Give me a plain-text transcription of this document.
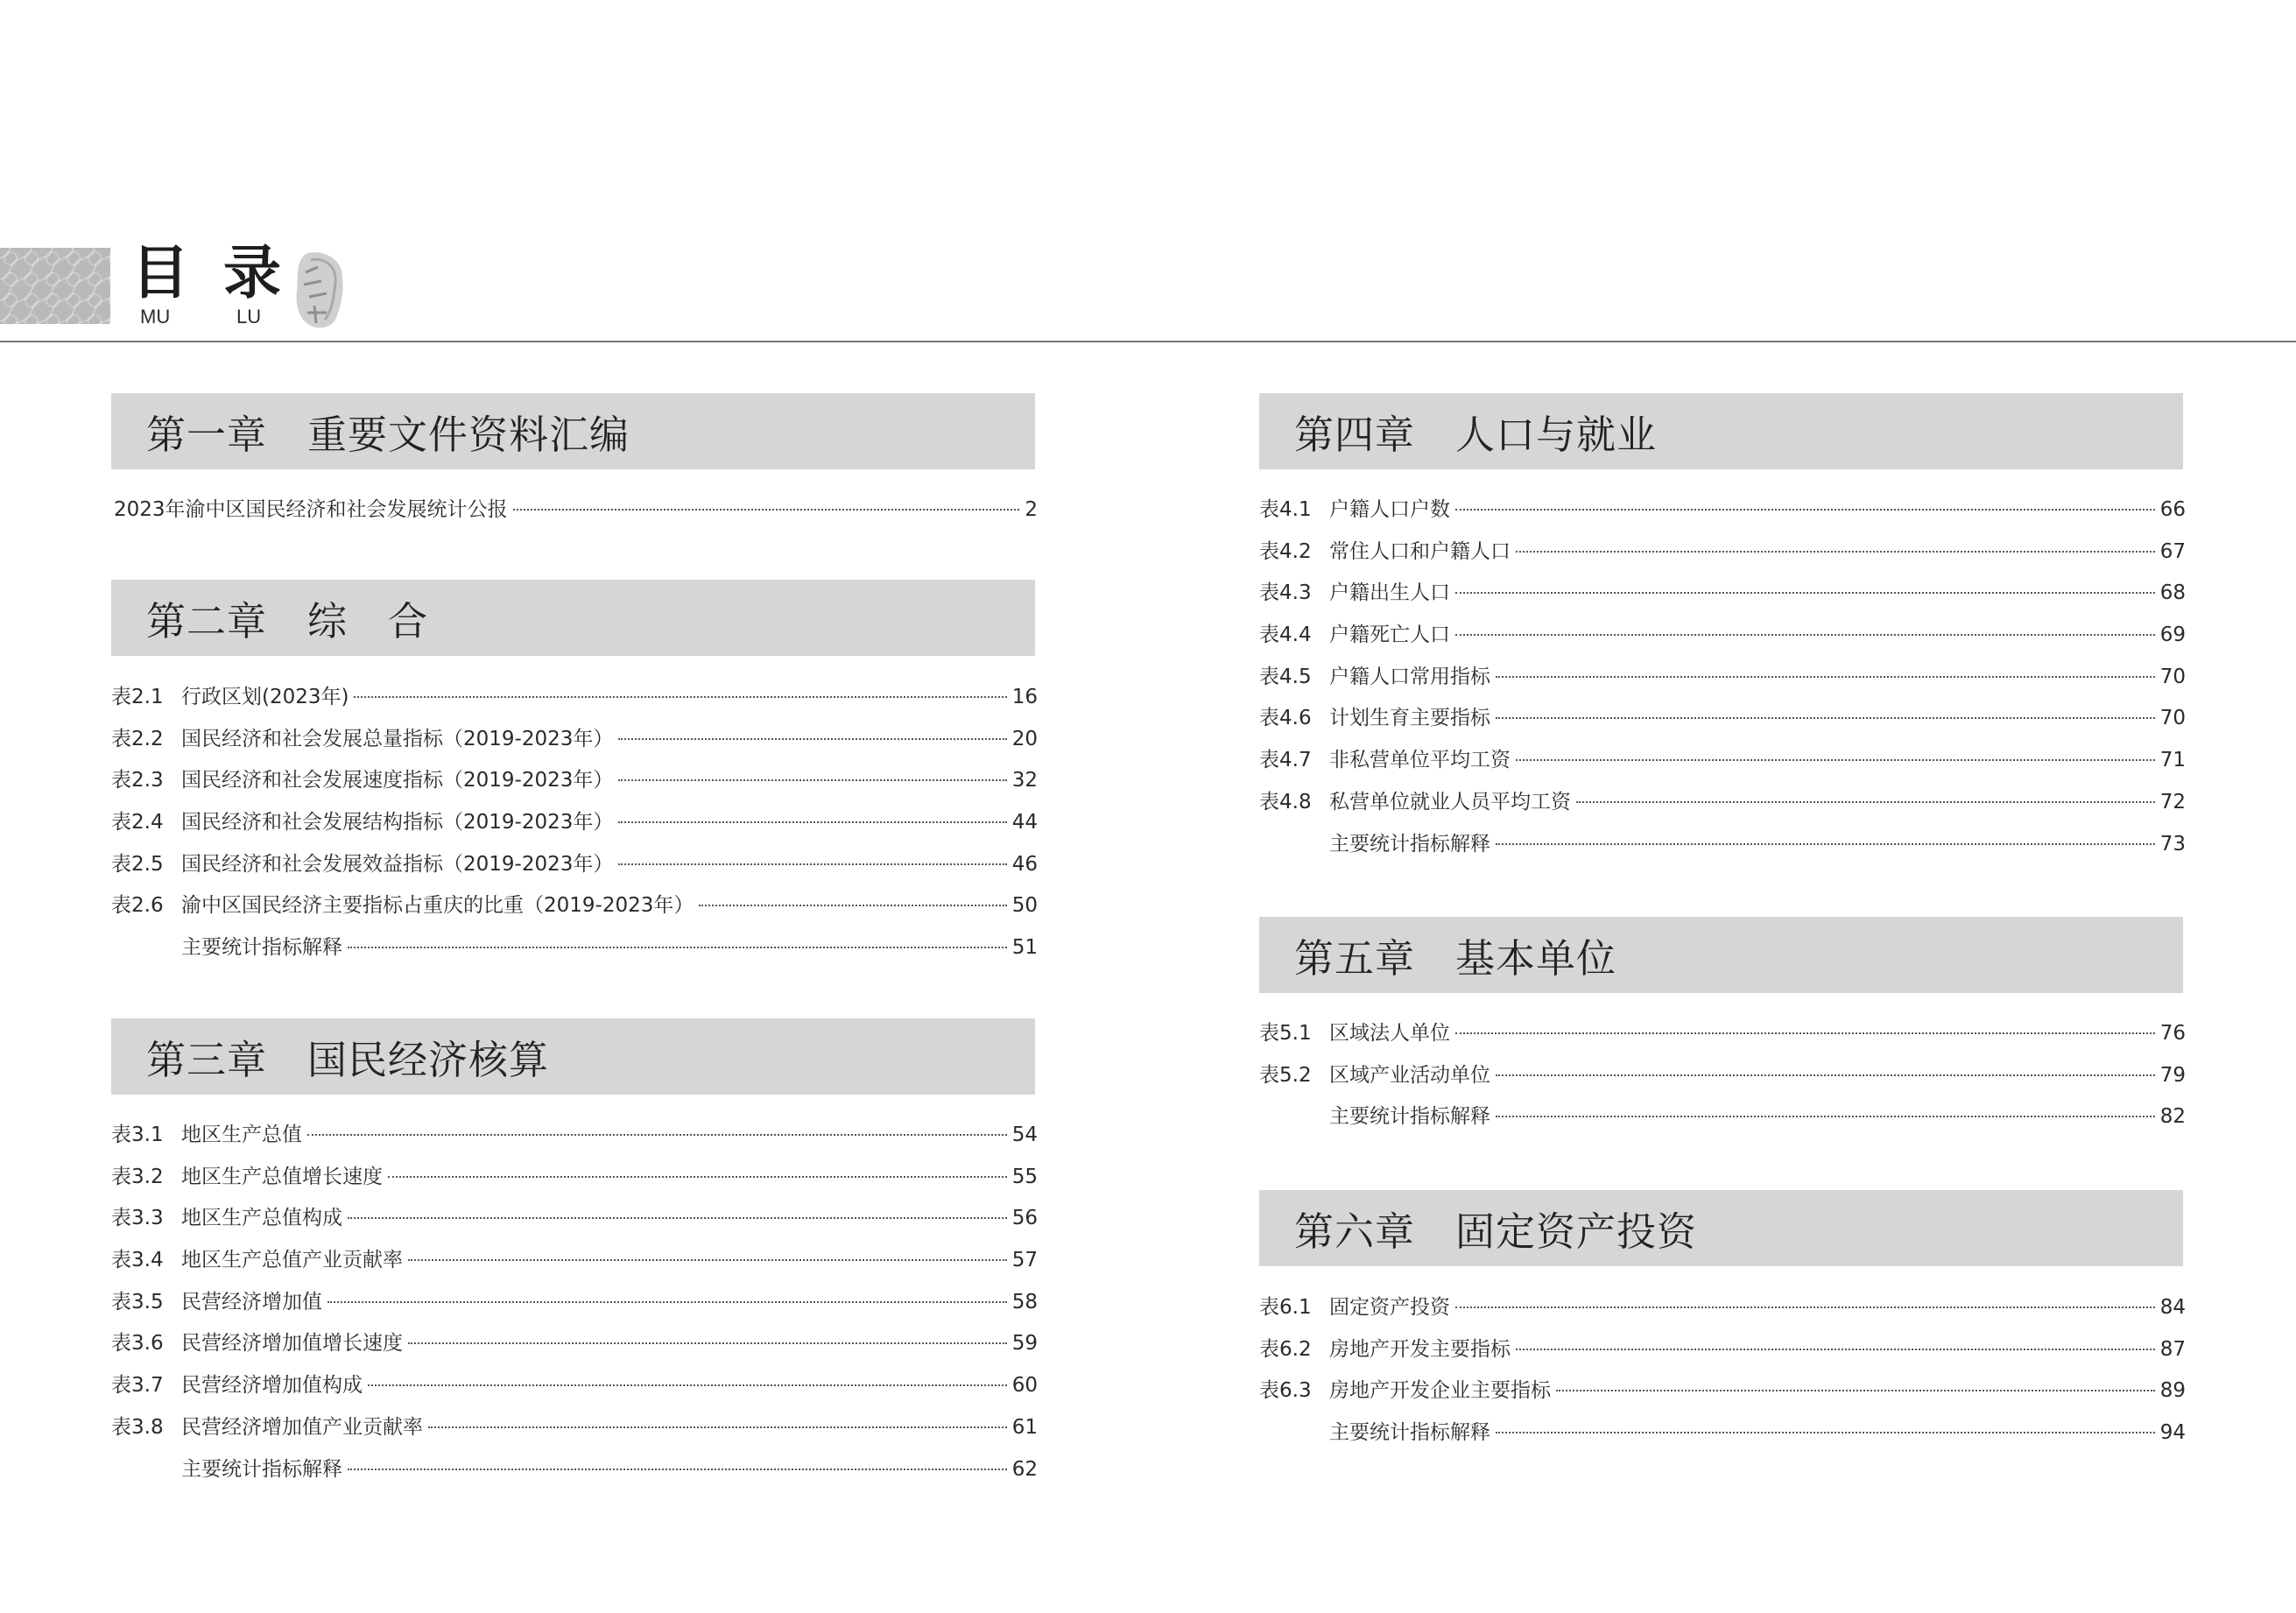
目 录
MU	LU
第一章　重要文件资料汇编
2023年渝中区国民经济和社会发展统计公报	2
第二章　综　合
表2.1 行政区划(2023年)	16
表2.2 国民经济和社会发展总量指标（2019-2023年）	20
表2.3 国民经济和社会发展速度指标（2019-2023年）	32
表2.4 国民经济和社会发展结构指标（2019-2023年）	44
表2.5 国民经济和社会发展效益指标（2019-2023年）	46
表2.6 渝中区国民经济主要指标占重庆的比重（2019-2023年）	50
主要统计指标解释	51
第三章　国民经济核算
表3.1 地区生产总值	54
表3.2 地区生产总值增长速度	55
表3.3 地区生产总值构成	56
表3.4 地区生产总值产业贡献率	57
表3.5 民营经济增加值	58
表3.6 民营经济增加值增长速度	59
表3.7 民营经济增加值构成	60
表3.8 民营经济增加值产业贡献率	61
主要统计指标解释	62
第四章　人口与就业
表4.1 户籍人口户数	66
表4.2 常住人口和户籍人口	67
表4.3 户籍出生人口	68
表4.4 户籍死亡人口	69
表4.5 户籍人口常用指标	70
表4.6 计划生育主要指标	70
表4.7 非私营单位平均工资	71
表4.8 私营单位就业人员平均工资	72
主要统计指标解释	73
第五章　基本单位
表5.1 区域法人单位	76
表5.2 区域产业活动单位	79
主要统计指标解释	82
第六章　固定资产投资
表6.1 固定资产投资	84
表6.2 房地产开发主要指标	87
表6.3 房地产开发企业主要指标	89
主要统计指标解释	94
